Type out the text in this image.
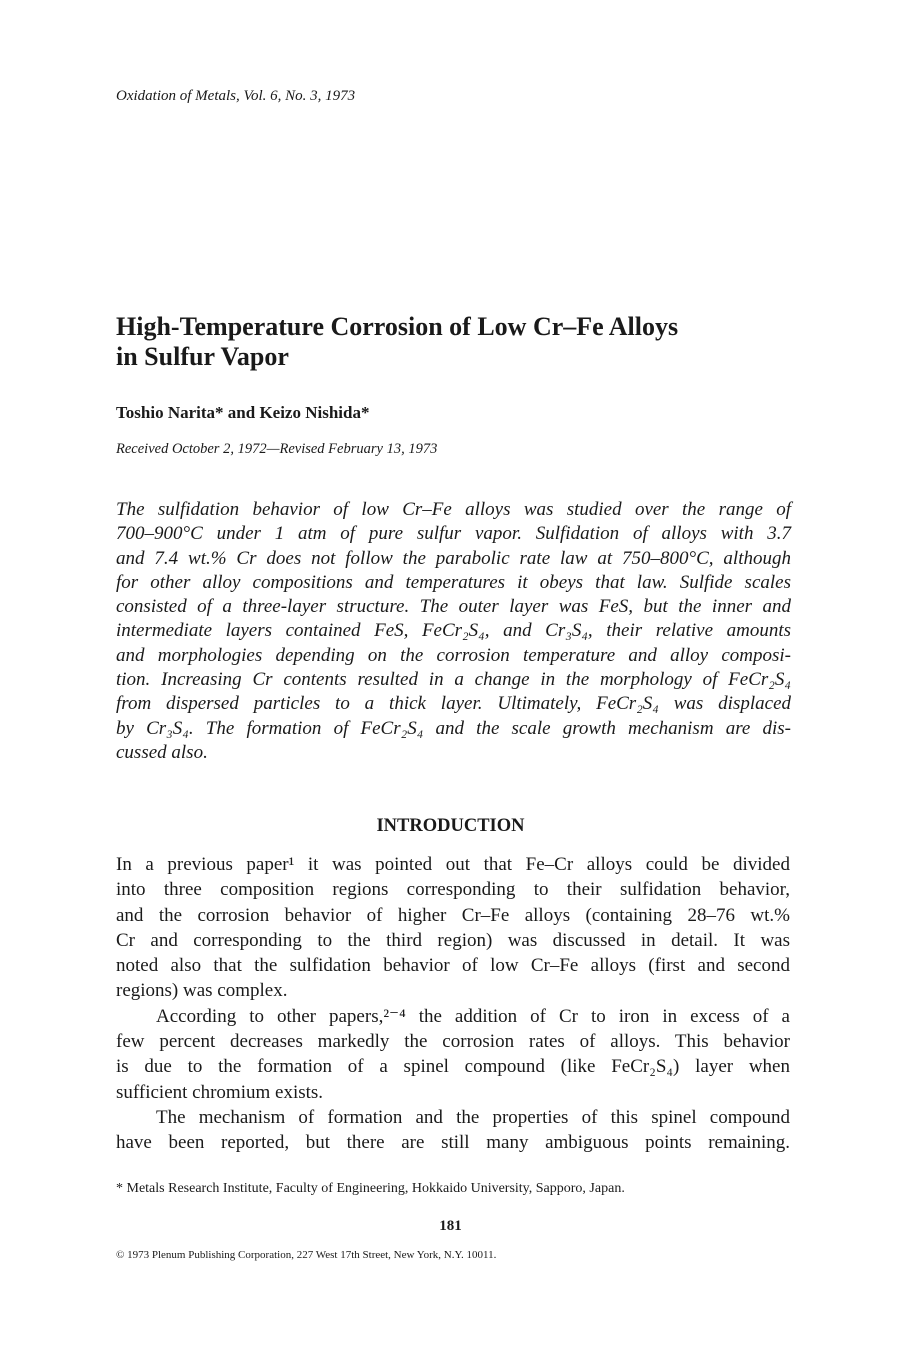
Oxidation of Metals, Vol. 6, No. 3, 1973
High-Temperature Corrosion of Low Cr–Fe Alloys
in Sulfur Vapor
Toshio Narita* and Keizo Nishida*
Received October 2, 1972—Revised February 13, 1973
The sulfidation behavior of low Cr–Fe alloys was studied over the range of
700–900°C under 1 atm of pure sulfur vapor. Sulfidation of alloys with 3.7
and 7.4 wt.% Cr does not follow the parabolic rate law at 750–800°C, although
for other alloy compositions and temperatures it obeys that law. Sulfide scales
consisted of a three-layer structure. The outer layer was FeS, but the inner and
intermediate layers contained FeS, FeCr₂S₄, and Cr₃S₄, their relative amounts
and morphologies depending on the corrosion temperature and alloy composi-
tion. Increasing Cr contents resulted in a change in the morphology of FeCr₂S₄
from dispersed particles to a thick layer. Ultimately, FeCr₂S₄ was displaced
by Cr₃S₄. The formation of FeCr₂S₄ and the scale growth mechanism are dis-
cussed also.
INTRODUCTION
In a previous paper¹ it was pointed out that Fe–Cr alloys could be divided
into three composition regions corresponding to their sulfidation behavior,
and the corrosion behavior of higher Cr–Fe alloys (containing 28–76 wt.%
Cr and corresponding to the third region) was discussed in detail. It was
noted also that the sulfidation behavior of low Cr–Fe alloys (first and second
regions) was complex.
According to other papers,²⁻⁴ the addition of Cr to iron in excess of a
few percent decreases markedly the corrosion rates of alloys. This behavior
is due to the formation of a spinel compound (like FeCr₂S₄) layer when
sufficient chromium exists.
The mechanism of formation and the properties of this spinel compound
have been reported, but there are still many ambiguous points remaining.
* Metals Research Institute, Faculty of Engineering, Hokkaido University, Sapporo, Japan.
181
© 1973 Plenum Publishing Corporation, 227 West 17th Street, New York, N.Y. 10011.
